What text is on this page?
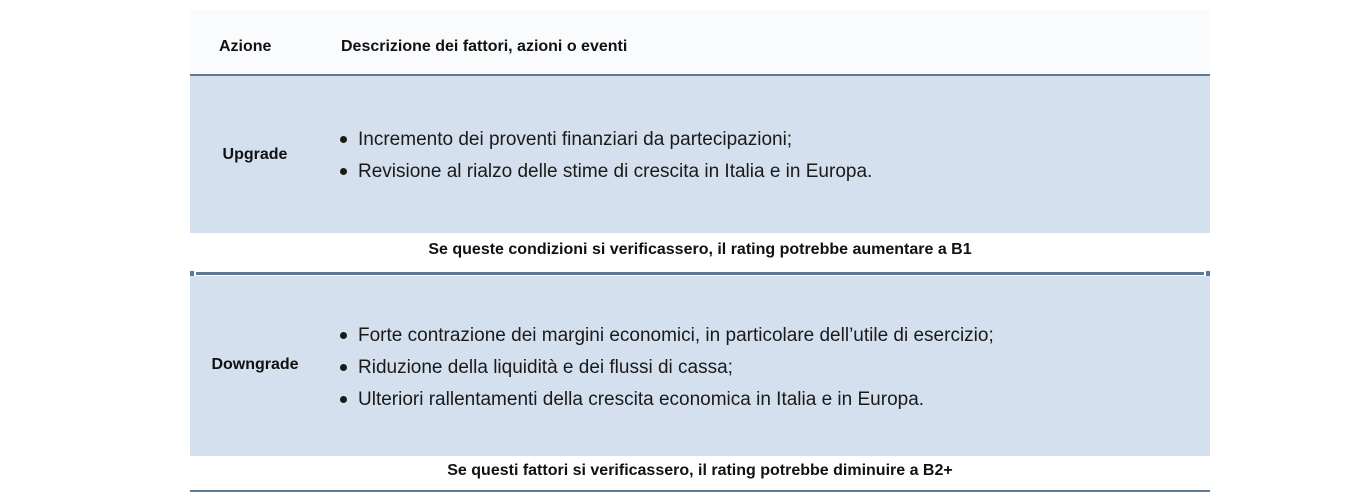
Azione	Descrizione dei fattori, azioni o eventi
Upgrade
Incremento dei proventi finanziari da partecipazioni;
Revisione al rialzo delle stime di crescita in Italia e in Europa.
Se queste condizioni si verificassero, il rating potrebbe aumentare a B1
Downgrade
Forte contrazione dei margini economici, in particolare dell’utile di esercizio;
Riduzione della liquidità e dei flussi di cassa;
Ulteriori rallentamenti della crescita economica in Italia e in Europa.
Se questi fattori si verificassero, il rating potrebbe diminuire a B2+
